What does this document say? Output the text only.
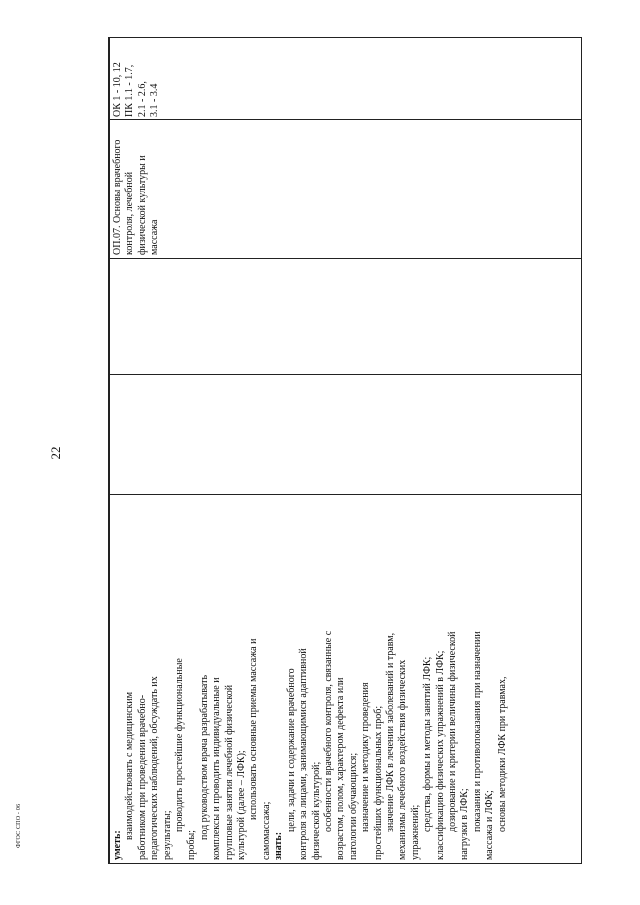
22
ФГОС СПО - 06	уметь:

взаимодействовать с медицинским работником при проведении врачебно- педагогических наблюдений, обсуждать их результаты;

проводить простейшие функциональные

пробы;

под руководством врача разрабатывать комплексы и проводить индивидуальные и групповые занятия лечебной физической культурой (далее – ЛФК); использовать основные приемы массажа и

самомассажа; знать:

цели, задачи и содержание врачебного контроля за лицами, занимающимися адаптивной физической культурой; особенности врачебного контроля, связанные с возрастом, полом, характером дефекта или патологии обучающихся; назначение и методику проведения простейших функциональных проб; значение ЛФК в лечении заболеваний и травм, механизмы лечебного воздействия физических упражнений;

средства, формы и методы занятий ЛФК; классификацию физических упражнений в ЛФК; дозирование и критерии величины физической нагрузки в ЛФК; показания и противопоказания при назначении массажа и ЛФК; основы методики ЛФК при травмах,

ОП.07. Основы врачебного контроля, лечебной физической культуры и массажа
ОК 1 - 10, 12 ПК 1.1 - 1.7, 2.1 - 2.6, 3.1 - 3.4
